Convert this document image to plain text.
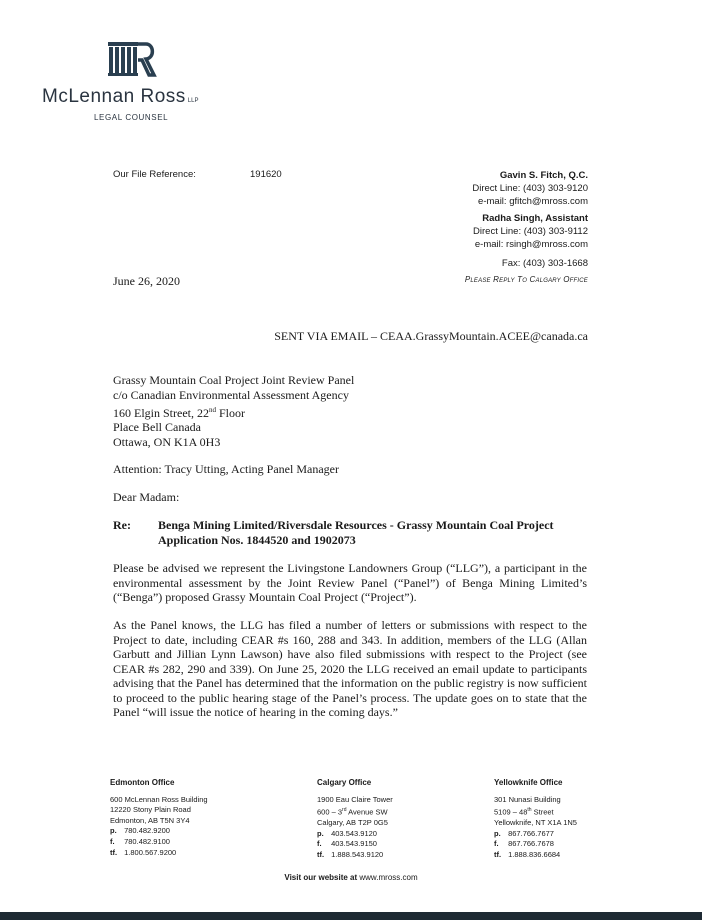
McLennan Ross LLP
LEGAL COUNSEL
Our File Reference:	191620	Gavin S. Fitch, Q.C.
Direct Line: (403) 303-9120
e-mail: gfitch@mross.com
Radha Singh, Assistant
Direct Line: (403) 303-9112
e-mail: rsingh@mross.com
Fax: (403) 303-1668
June 26, 2020	Please Reply To Calgary Office
SENT VIA EMAIL – CEAA.GrassyMountain.ACEE@canada.ca
Grassy Mountain Coal Project Joint Review Panel
c/o Canadian Environmental Assessment Agency
160 Elgin Street, 22nd Floor
Place Bell Canada
Ottawa, ON K1A 0H3
Attention: Tracy Utting, Acting Panel Manager
Dear Madam:
Re: Benga Mining Limited/Riversdale Resources - Grassy Mountain Coal Project
Application Nos. 1844520 and 1902073

Please be advised we represent the Livingstone Landowners Group (“LLG”), a participant in the environmental assessment by the Joint Review Panel (“Panel”) of Benga Mining Limited’s (“Benga”) proposed Grassy Mountain Coal Project (“Project”).

As the Panel knows, the LLG has filed a number of letters or submissions with respect to the Project to date, including CEAR #s 160, 288 and 343. In addition, members of the LLG (Allan Garbutt and Jillian Lynn Lawson) have also filed submissions with respect to the Project (see CEAR #s 282, 290 and 339). On June 25, 2020 the LLG received an email update to participants advising that the Panel has determined that the information on the public registry is now sufficient to proceed to the public hearing stage of the Panel’s process. The update goes on to state that the Panel “will issue the notice of hearing in the coming days.”

Edmonton Office
600 McLennan Ross Building
12220 Stony Plain Road
Edmonton, AB T5N 3Y4
p. 780.482.9200
f. 780.482.9100
tf. 1.800.567.9200
Calgary Office
1900 Eau Claire Tower
600 – 3rd Avenue SW
Calgary, AB T2P 0G5
p. 403.543.9120
f. 403.543.9150
tf. 1.888.543.9120
Yellowknife Office
301 Nunasi Building
5109 – 48th Street
Yellowknife, NT X1A 1N5
p. 867.766.7677
f. 867.766.7678
tf. 1.888.836.6684
Visit our website at www.mross.com
